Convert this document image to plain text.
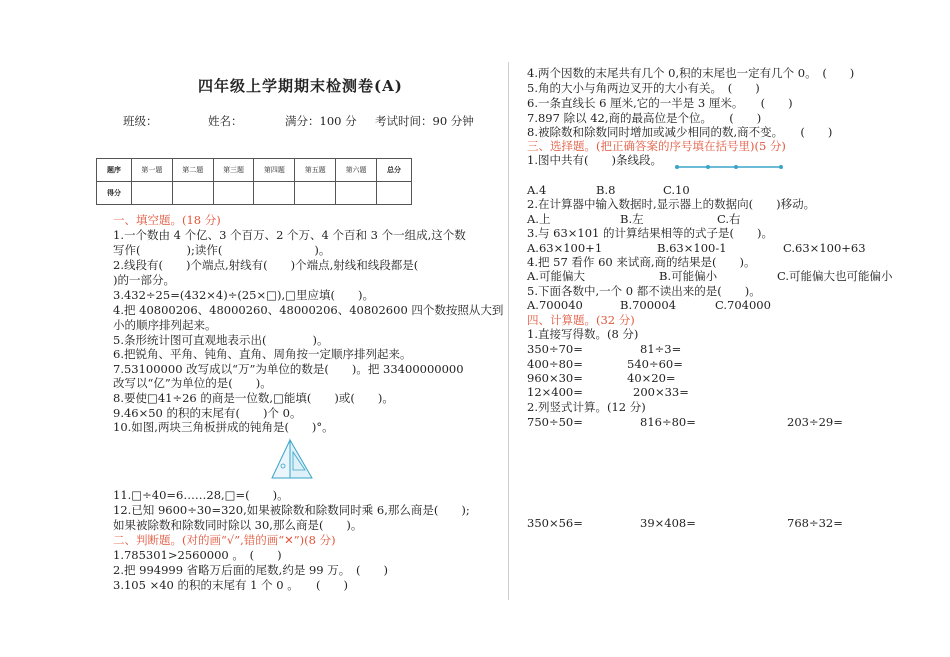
四年级上学期期末检测卷(A)
班级：	姓名：	满分：100 分 考试时间：90 分钟
题序	第一题	第二题	第三题	第四题	第五题	第六题	总分
得分							
一、填空题。(18 分)
1.一个数由 4 个亿、3 个百万、2 个万、4 个百和 3 个一组成,这个数
写作(　　　　);读作(　　　　　　　　)。
2.线段有(　　)个端点,射线有(　　)个端点,射线和线段都是(
)的一部分。
3.432÷25=(432×4)÷(25×□),□里应填(　　)。
4.把 40800206、48000260、48000206、40802600 四个数按照从大到
小的顺序排列起来。
5.条形统计图可直观地表示出(　　　　)。
6.把锐角、平角、钝角、直角、周角按一定顺序排列起来。
7.53100000 改写成以“万”为单位的数是(　　)。把 33400000000
改写以“亿”为单位的是(　　)。
8.要使□41÷26 的商是一位数,□能填(　　)或(　　)。
9.46×50 的积的末尾有(　　)个 0。
10.如图,两块三角板拼成的钝角是(　　)°。
11.□÷40=6……28,□=(　　)。
12.已知 9600÷30=320,如果被除数和除数同时乘 6,那么商是(　　);
如果被除数和除数同时除以 30,那么商是(　　)。
二、判断题。(对的画“√”,错的画“✕”)(8 分)
1.785301>2560000 。　(　　)
2.把 994999 省略万后面的尾数,约是 99 万。　(　　)
3.105 ×40 的积的末尾有 1 个 0 。　　(　　)
4.两个因数的末尾共有几个 0,积的末尾也一定有几个 0。　(　　)
5.角的大小与角两边叉开的大小有关。　(　　)
6.一条直线长 6 厘米,它的一半是 3 厘米。　　(　　)
7.897 除以 42,商的最高位是个位。　　(　　)
8.被除数和除数同时增加或减少相同的数,商不变。　　(　　)
三、选择题。(把正确答案的序号填在括号里)(5 分)
1.图中共有(　　)条线段。
A.4	B.8	C.10
2.在计算器中输入数据时,显示器上的数据向(　　)移动。
A.上	B.左	C.右
3.与 63×101 的计算结果相等的式子是(　　)。
A.63×100+1	B.63×100-1	C.63×100+63
4.把 57 看作 60 来试商,商的结果是(　　)。
A.可能偏大	B.可能偏小	C.可能偏大也可能偏小
5.下面各数中,一个 0 都不读出来的是(　　)。
A.700040	B.700004	C.704000
四、计算题。(32 分)
1.直接写得数。(8 分)
350÷70=	81÷3=
400÷80=	540÷60=
960×30=	40×20=
12×400=	200×33=
2.列竖式计算。(12 分)
750÷50=	816÷80=	203÷29=
350×56=	39×408=	768÷32=
